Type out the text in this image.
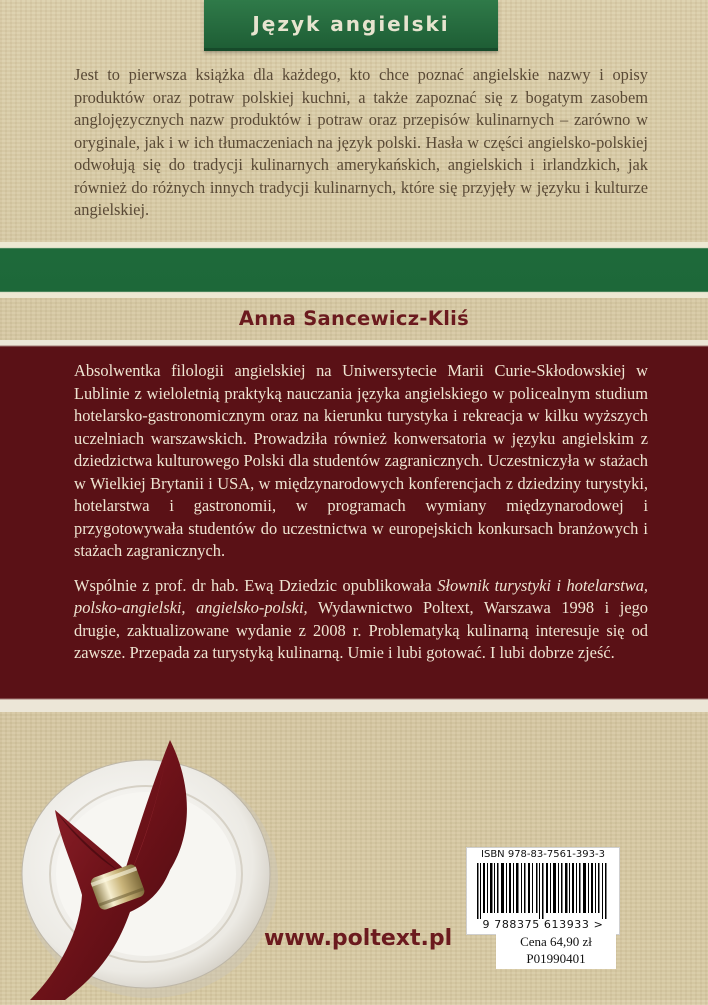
Język angielski
Jest to pierwsza książka dla każdego, kto chce poznać angielskie nazwy i opisy produktów oraz potraw polskiej kuchni, a także zapoznać się z bogatym zasobem anglojęzycznych nazw produktów i potraw oraz przepisów kulinarnych – zarówno w oryginale, jak i w ich tłumaczeniach na język polski. Hasła w części angielsko-polskiej odwołują się do tradycji kulinarnych amerykańskich, angielskich i irlandzkich, jak również do różnych innych tradycji kulinarnych, które się przyjęły w języku i kulturze angielskiej.
Anna Sancewicz-Kliś

Absolwentka filologii angielskiej na Uniwersytecie Marii Curie-Skłodowskiej w Lublinie z wieloletnią praktyką nauczania języka angielskiego w policealnym studium hotelarsko-gastronomicznym oraz na kierunku turystyka i rekreacja w kilku wyższych uczelniach warszawskich. Prowadziła również konwersatoria w języku angielskim z dziedzictwa kulturowego Polski dla studentów zagranicznych. Uczestniczyła w stażach w Wielkiej Brytanii i USA, w międzynarodowych konferencjach z dziedziny turystyki, hotelarstwa i gastronomii, w programach wymiany międzynarodowej i przygotowywała studentów do uczestnictwa w europejskich konkursach branżowych i stażach zagranicznych.

Wspólnie z prof. dr hab. Ewą Dziedzic opublikowała Słownik turystyki i hotelarstwa, polsko-angielski, angielsko-polski, Wydawnictwo Poltext, Warszawa 1998 i jego drugie, zaktualizowane wydanie z 2008 r. Problematyką kulinarną interesuje się od zawsze. Przepada za turystyką kulinarną. Umie i lubi gotować. I lubi dobrze zjeść.

ISBN 978-83-7561-393-3
9 788375 613933 >
Cena 64,90 zł
P01990401
www.poltext.pl
